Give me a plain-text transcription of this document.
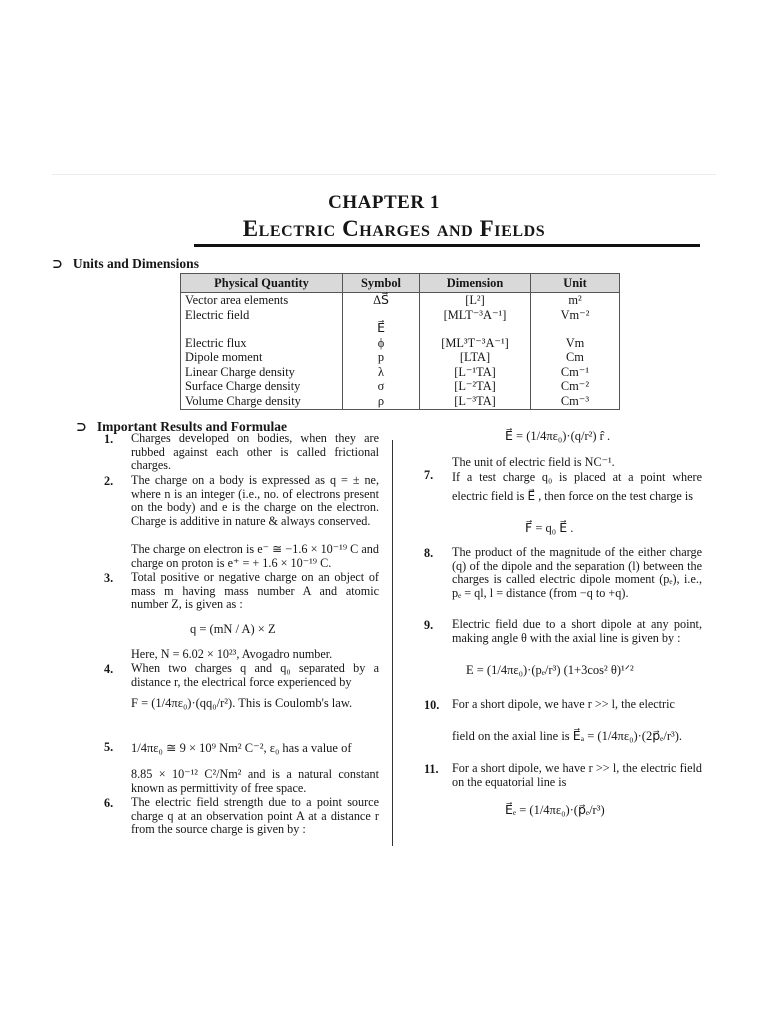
CHAPTER 1
Electric Charges and Fields
⊃ Units and Dimensions
Physical Quantity	Symbol	Dimension	Unit
Vector area elements	ΔS⃗	[L²]	m²
Electric field	E⃗	[MLT⁻³A⁻¹]	Vm⁻²
Electric flux	ϕ	[ML³T⁻³A⁻¹]	Vm
Dipole moment	p	[LTA]	Cm
Linear Charge density	λ	[L⁻¹TA]	Cm⁻¹
Surface Charge density	σ	[L⁻²TA]	Cm⁻²
Volume Charge density	ρ	[L⁻³TA]	Cm⁻³
⊃ Important Results and Formulae
1. Charges developed on bodies, when they are rubbed against each other is called frictional charges.
2. The charge on a body is expressed as q = ± ne, where n is an integer (i.e., no. of electrons present on the body) and e is the charge on the electron. Charge is additive in nature & always conserved.
The charge on electron is e⁻ ≅ −1.6 × 10⁻¹⁹ C and charge on proton is e⁺ = + 1.6 × 10⁻¹⁹ C.
3. Total positive or negative charge on an object of mass m having mass number A and atomic number Z, is given as :
q = (mN / A) × Z
Here, N = 6.02 × 10²³, Avogadro number.
4. When two charges q and q₀ separated by a distance r, the electrical force experienced by
F = (1/4πε₀)·(qq₀/r²). This is Coulomb's law.
5. 1/4πε₀ ≅ 9 × 10⁹ Nm² C⁻², ε₀ has a value of
8.85 × 10⁻¹² C²/Nm² and is a natural constant known as permittivity of free space.
6. The electric field strength due to a point source charge q at an observation point A at a distance r from the source charge is given by :
E⃗ = (1/4πε₀)·(q/r²) r̂ .
The unit of electric field is NC⁻¹.
7. If a test charge q₀ is placed at a point where electric field is E⃗ , then force on the test charge is
F⃗ = q₀ E⃗ .
8. The product of the magnitude of the either charge (q) of the dipole and the separation (l) between the charges is called electric dipole moment (pₑ), i.e., pₑ = ql, l = distance (from −q to +q).
9. Electric field due to a short dipole at any point, making angle θ with the axial line is given by :
E = (1/4πε₀)·(pₑ/r³) (1+3cos² θ)¹ᐟ²
10. For a short dipole, we have r >> l, the electric
field on the axial line is E⃗ₐ = (1/4πε₀)·(2p⃗ₑ/r³).
11. For a short dipole, we have r >> l, the electric field on the equatorial line is
E⃗ₑ = (1/4πε₀)·(p⃗ₑ/r³)
